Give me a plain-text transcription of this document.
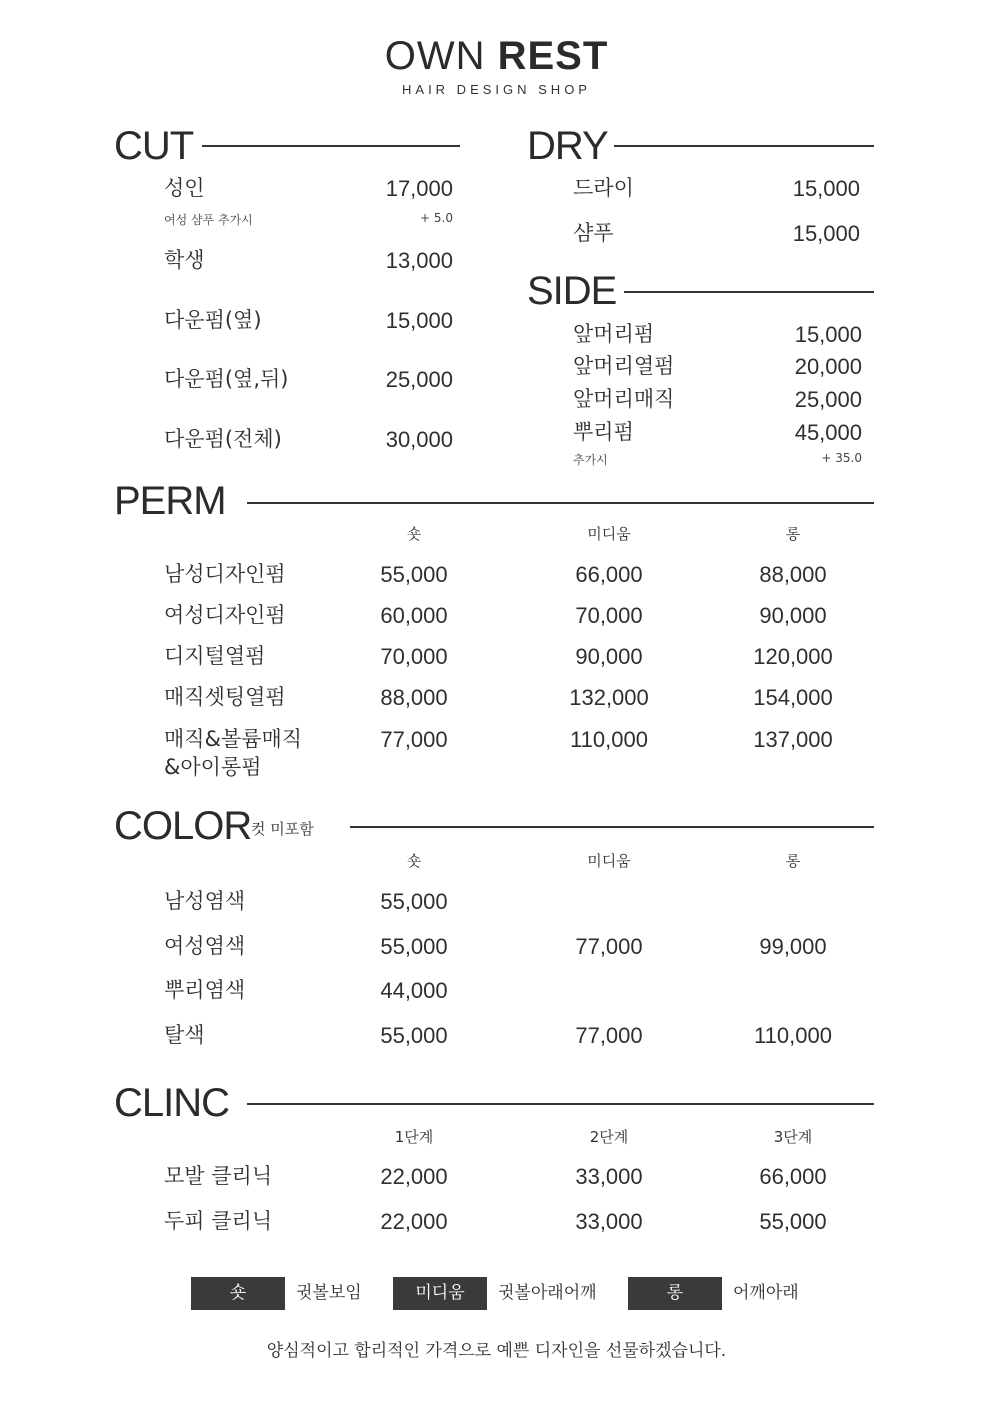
OWN REST
HAIR DESIGN SHOP
CUT
성인	17,000
여성 샴푸 추가시	+ 5.0
학생	13,000
다운펌(옆)	15,000
다운펌(옆,뒤)	25,000
다운펌(전체)	30,000
DRY
드라이	15,000
샴푸	15,000
SIDE
앞머리펌	15,000
앞머리열펌	20,000
앞머리매직	25,000
뿌리펌	45,000
추가시	+ 35.0
PERM
숏	미디움	롱
남성디자인펌	55,000	66,000	88,000
여성디자인펌	60,000	70,000	90,000
디지털열펌	70,000	90,000	120,000
매직셋팅열펌	88,000	132,000	154,000
매직&볼륨매직
&아이롱펌
77,000	110,000	137,000
COLOR 컷 미포함
숏	미디움	롱
남성염색	55,000
여성염색	55,000	77,000	99,000
뿌리염색	44,000
탈색	55,000	77,000	110,000
CLINC
1단계	2단계	3단계
모발 클리닉	22,000	33,000	66,000
두피 클리닉	22,000	33,000	55,000
숏	귓볼보임	미디움	귓볼아래어깨	롱	어깨아래
양심적이고 합리적인 가격으로 예쁜 디자인을 선물하겠습니다.
